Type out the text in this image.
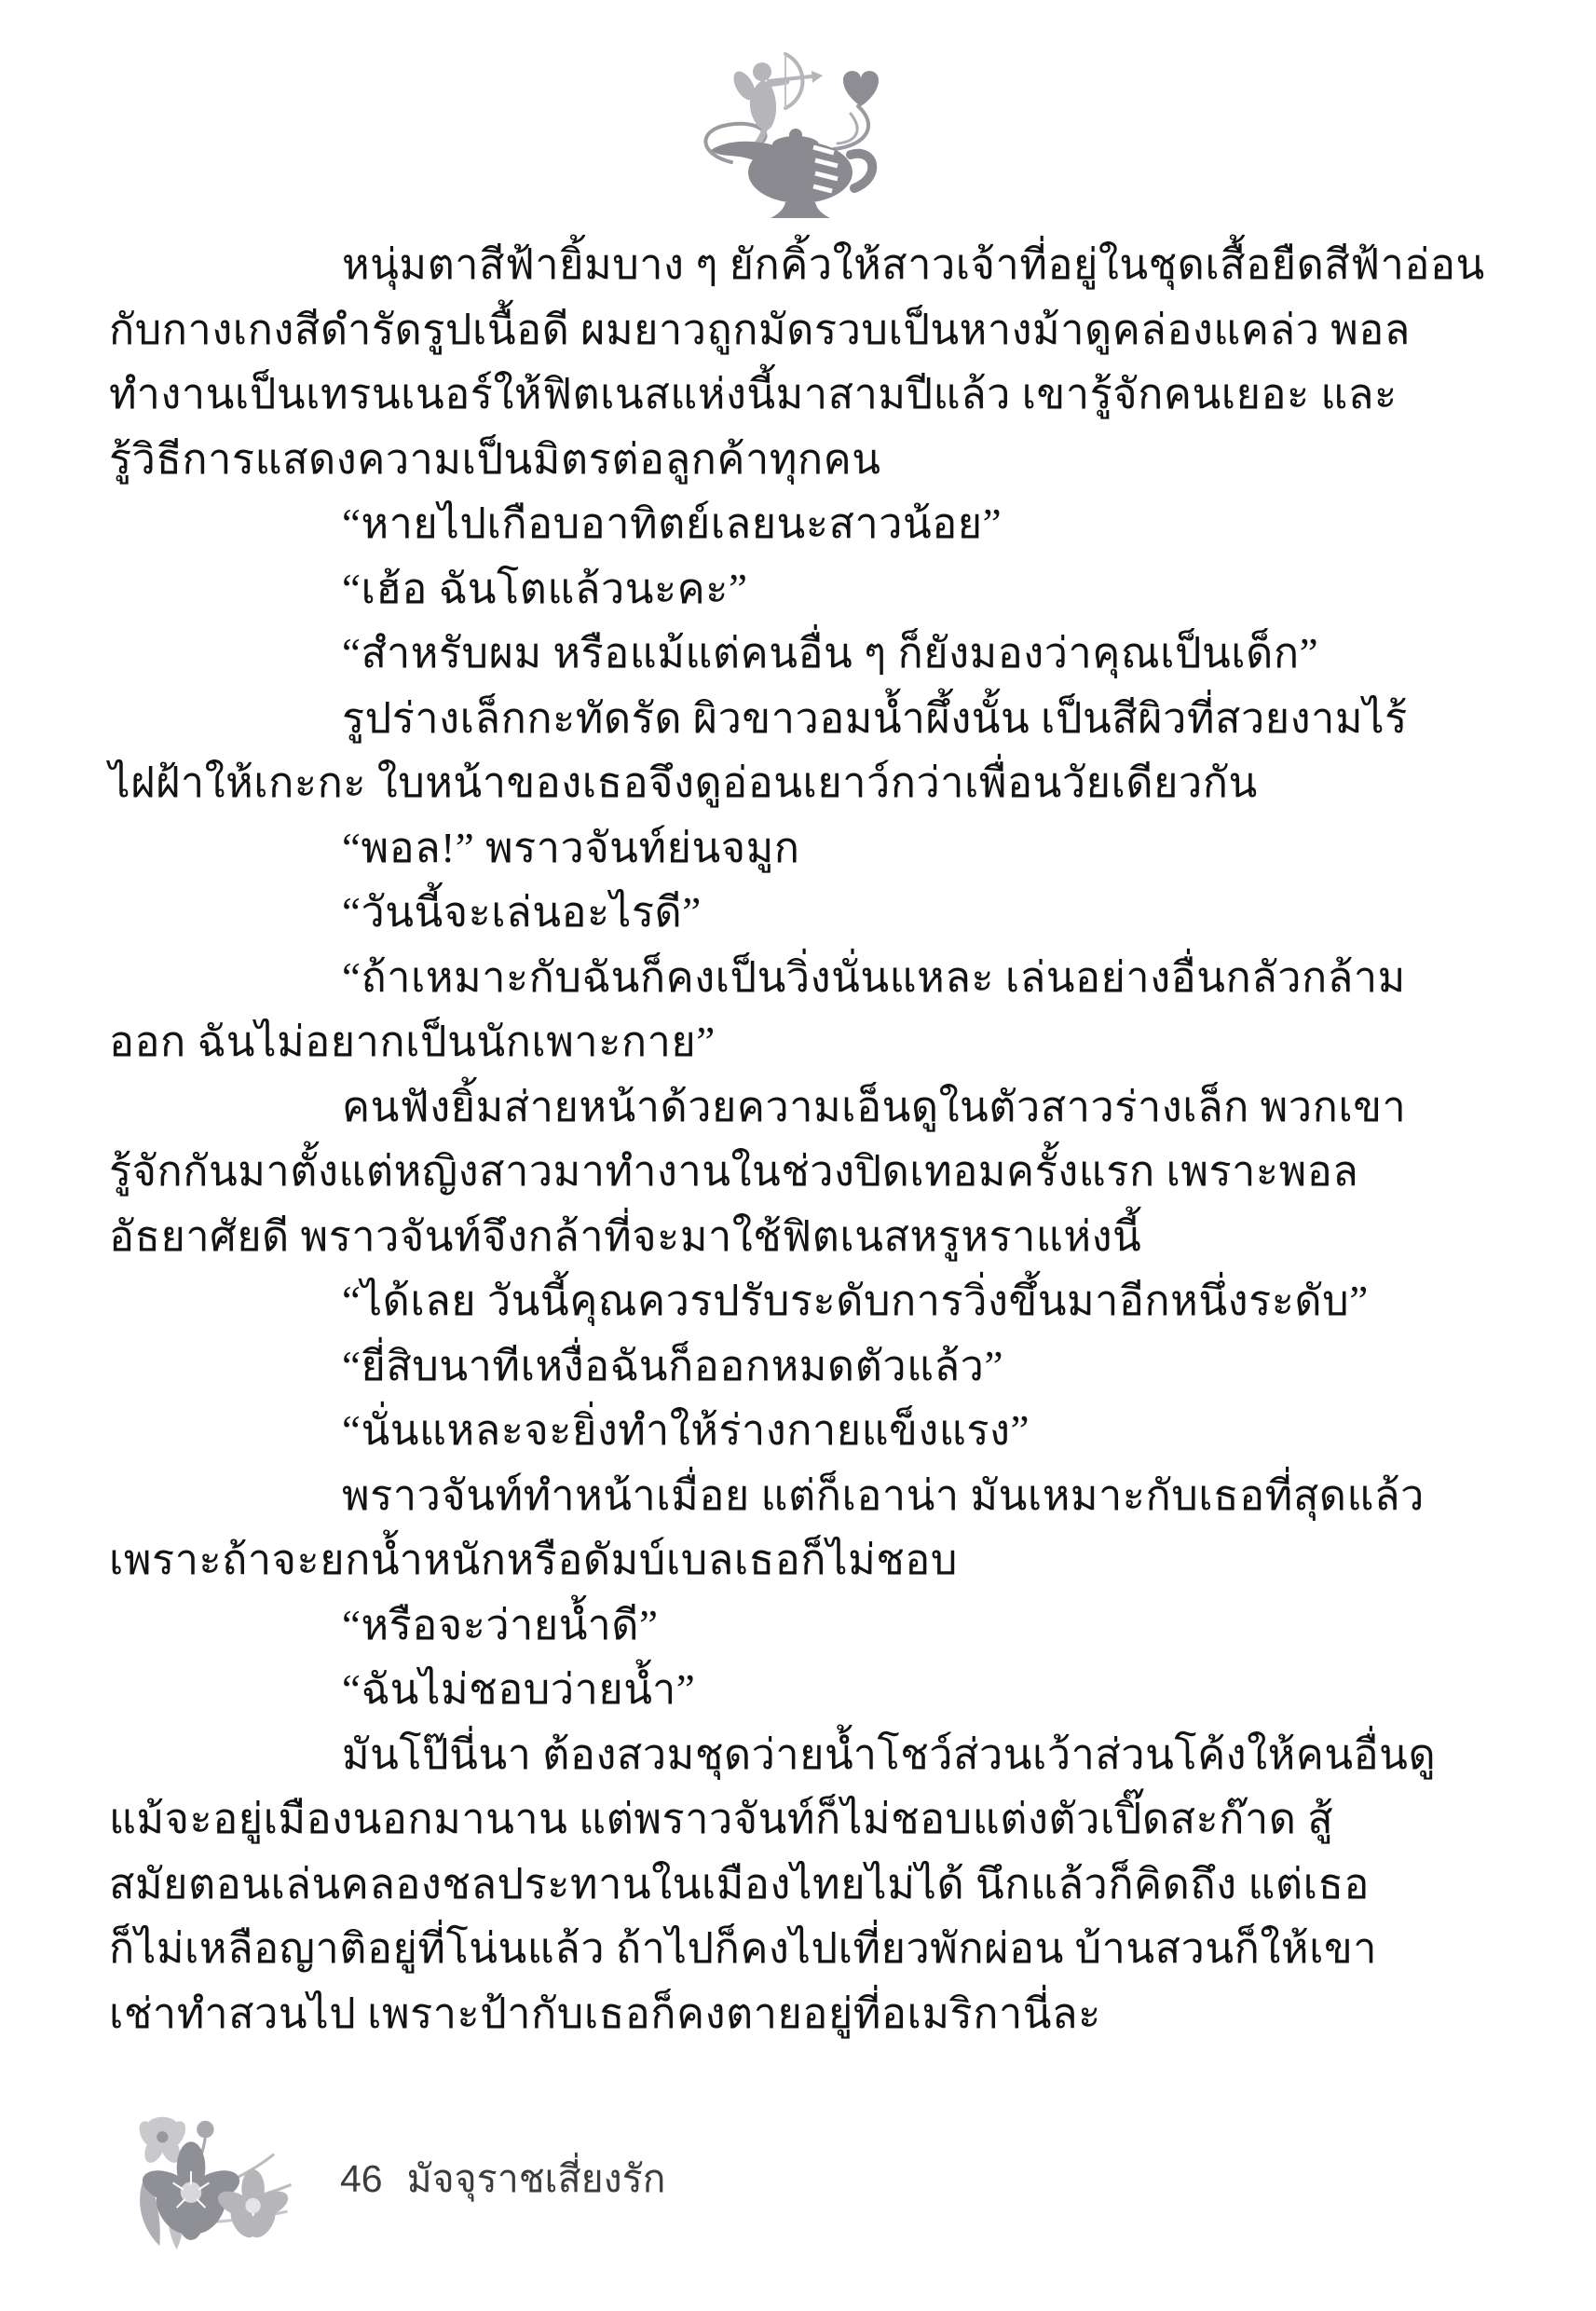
หนุ่มตาสีฟ้ายิ้มบาง ๆ ยักคิ้วให้สาวเจ้าที่อยู่ในชุดเสื้อยืดสีฟ้าอ่อน

กับกางเกงสีดำรัดรูปเนื้อดี ผมยาวถูกมัดรวบเป็นหางม้าดูคล่องแคล่ว พอล

ทำงานเป็นเทรนเนอร์ให้ฟิตเนสแห่งนี้มาสามปีแล้ว เขารู้จักคนเยอะ และ

รู้วิธีการแสดงความเป็นมิตรต่อลูกค้าทุกคน

“หายไปเกือบอาทิตย์เลยนะสาวน้อย”

“เฮ้อ ฉันโตแล้วนะคะ”

“สำหรับผม หรือแม้แต่คนอื่น ๆ ก็ยังมองว่าคุณเป็นเด็ก”

รูปร่างเล็กกะทัดรัด ผิวขาวอมน้ำผึ้งนั้น เป็นสีผิวที่สวยงามไร้

ไฝฝ้าให้เกะกะ ใบหน้าของเธอจึงดูอ่อนเยาว์กว่าเพื่อนวัยเดียวกัน

“พอล!” พราวจันท์ย่นจมูก

“วันนี้จะเล่นอะไรดี”

“ถ้าเหมาะกับฉันก็คงเป็นวิ่งนั่นแหละ เล่นอย่างอื่นกลัวกล้าม

ออก ฉันไม่อยากเป็นนักเพาะกาย”

คนฟังยิ้มส่ายหน้าด้วยความเอ็นดูในตัวสาวร่างเล็ก พวกเขา

รู้จักกันมาตั้งแต่หญิงสาวมาทำงานในช่วงปิดเทอมครั้งแรก เพราะพอล

อัธยาศัยดี พราวจันท์จึงกล้าที่จะมาใช้ฟิตเนสหรูหราแห่งนี้

“ได้เลย วันนี้คุณควรปรับระดับการวิ่งขึ้นมาอีกหนึ่งระดับ”

“ยี่สิบนาทีเหงื่อฉันก็ออกหมดตัวแล้ว”

“นั่นแหละจะยิ่งทำให้ร่างกายแข็งแรง”

พราวจันท์ทำหน้าเมื่อย แต่ก็เอาน่า มันเหมาะกับเธอที่สุดแล้ว

เพราะถ้าจะยกน้ำหนักหรือดัมบ์เบลเธอก็ไม่ชอบ

“หรือจะว่ายน้ำดี”

“ฉันไม่ชอบว่ายน้ำ”

มันโป๊นี่นา ต้องสวมชุดว่ายน้ำโชว์ส่วนเว้าส่วนโค้งให้คนอื่นดู

แม้จะอยู่เมืองนอกมานาน แต่พราวจันท์ก็ไม่ชอบแต่งตัวเปิ๊ดสะก๊าด สู้

สมัยตอนเล่นคลองชลประทานในเมืองไทยไม่ได้ นึกแล้วก็คิดถึง แต่เธอ

ก็ไม่เหลือญาติอยู่ที่โน่นแล้ว ถ้าไปก็คงไปเที่ยวพักผ่อน บ้านสวนก็ให้เขา

เช่าทำสวนไป เพราะป้ากับเธอก็คงตายอยู่ที่อเมริกานี่ละ

46 มัจจุราชเสี่ยงรัก
